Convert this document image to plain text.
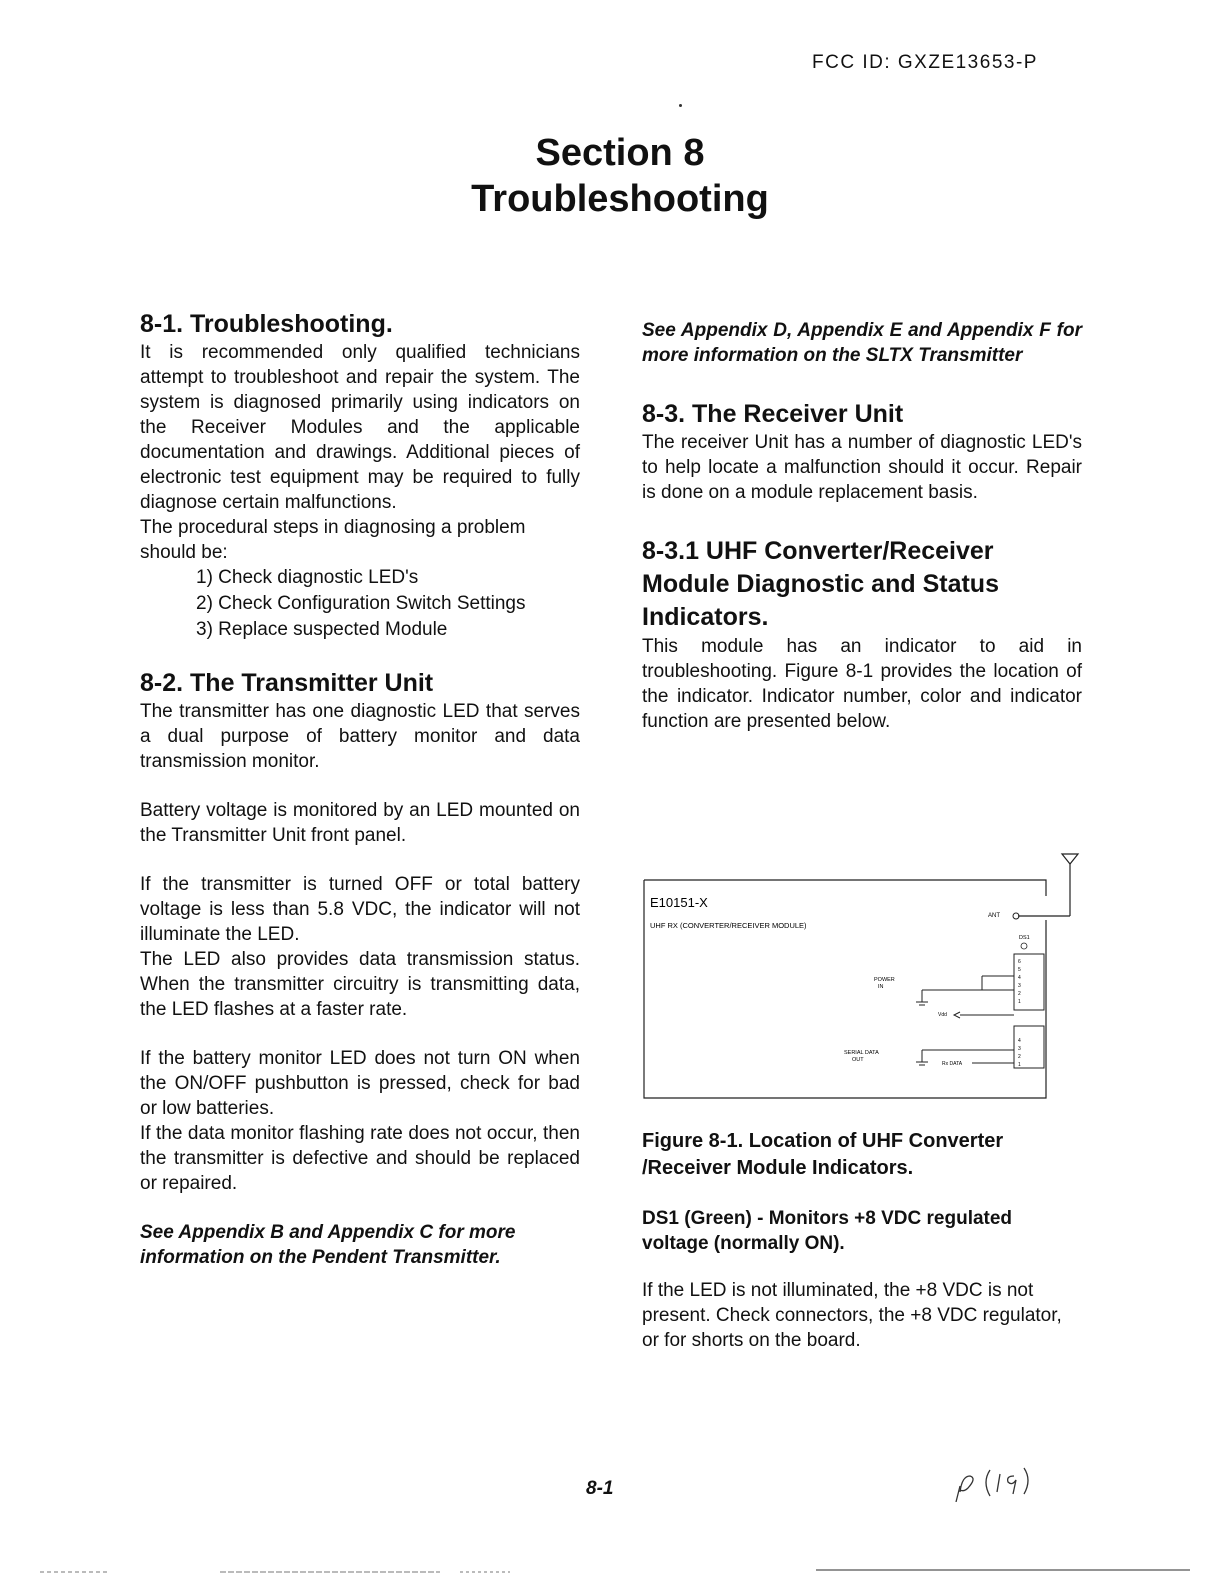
FCC ID: GXZE13653-P
Section 8
Troubleshooting
8-1. Troubleshooting.

It is recommended only qualified technicians attempt to troubleshoot and repair the system. The system is diagnosed primarily using indicators on the Receiver Modules and the applicable documentation and drawings. Additional pieces of electronic test equipment may be required to fully diagnose certain malfunctions.

The procedural steps in diagnosing a problem should be:

1) Check diagnostic LED's
2) Check Configuration Switch Settings
3) Replace suspected Module
8-2. The Transmitter Unit

The transmitter has one diagnostic LED that serves a dual purpose of battery monitor and data transmission monitor.

Battery voltage is monitored by an LED mounted on the Transmitter Unit front panel.

If the transmitter is turned OFF or total battery voltage is less than 5.8 VDC, the indicator will not illuminate the LED.

The LED also provides data transmission status. When the transmitter circuitry is transmitting data, the LED flashes at a faster rate.

If the battery monitor LED does not turn ON when the ON/OFF pushbutton is pressed, check for bad or low batteries.

If the data monitor flashing rate does not occur, then the transmitter is defective and should be replaced or repaired.

See Appendix B and Appendix C for more information on the Pendent Transmitter.

See Appendix D, Appendix E and Appendix F for more information on the SLTX Transmitter

8-3. The Receiver Unit

The receiver Unit has a number of diagnostic LED's to help locate a malfunction should it occur. Repair is done on a module replacement basis.

8-3.1 UHF Converter/Receiver Module Diagnostic and Status Indicators.

This module has an indicator to aid in troubleshooting. Figure 8-1 provides the location of the indicator. Indicator number, color and indicator function are presented below.

ANT
E10151-X
UHF RX (CONVERTER/RECEIVER MODULE)
DS1
6
5
4
3
2
1
POWER
IN
Vdd
4
3
2
1
SERIAL DATA
OUT
Rx DATA

Figure 8-1. Location of UHF Converter /Receiver Module Indicators.

DS1 (Green) - Monitors +8 VDC regulated voltage (normally ON).

If the LED is not illuminated, the +8 VDC is not present. Check connectors, the +8 VDC regulator, or for shorts on the board.

8-1
